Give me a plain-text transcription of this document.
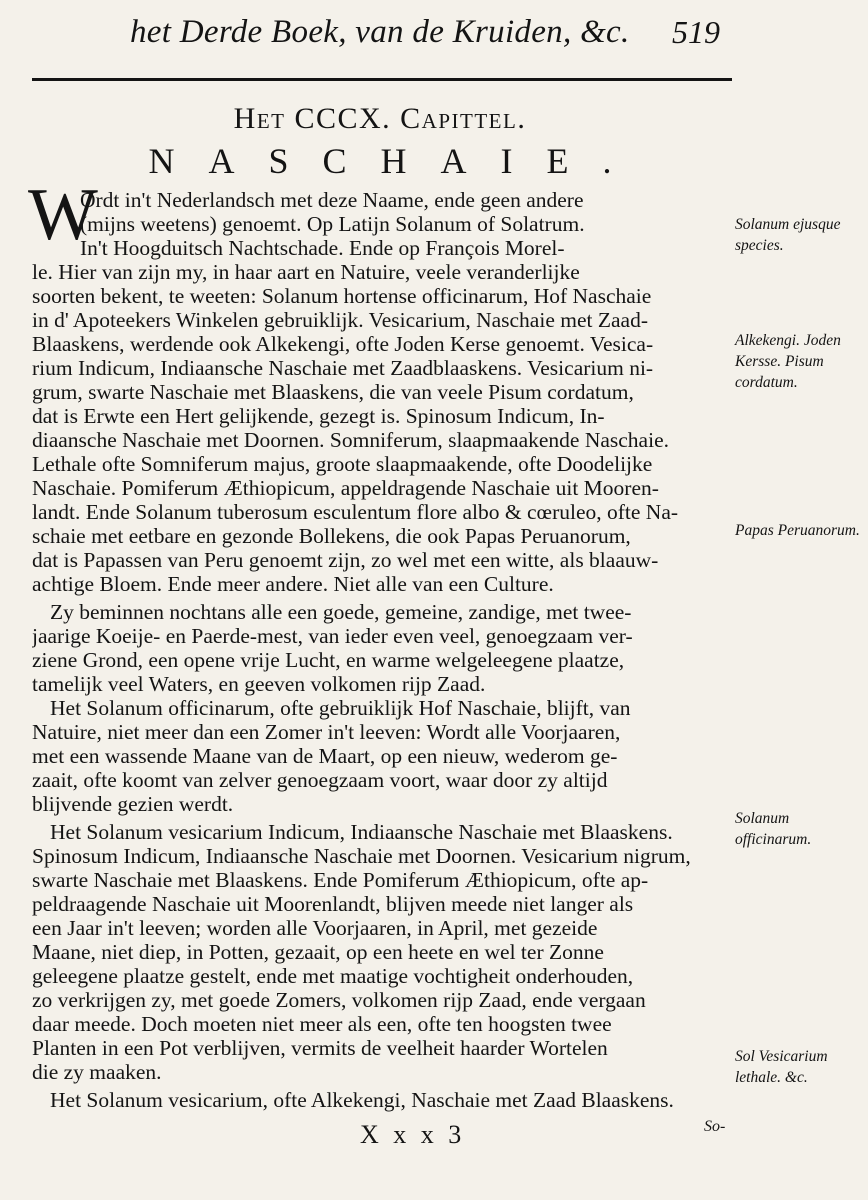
het Derde Boek, van de Kruiden, &c. 519
Het CCCX. Capittel.
NASCHAIE.
W
Ordt in't Nederlandsch met deze Naame, ende geen andere
(mijns weetens) genoemt. Op Latijn Solanum of Solatrum.
In't Hoogduitsch Nachtschade. Ende op François Morel-
le. Hier van zijn my, in haar aart en Natuire, veele veranderlijke
soorten bekent, te weeten: Solanum hortense officinarum, Hof Naschaie
in d' Apoteekers Winkelen gebruiklijk. Vesicarium, Naschaie met Zaad-
Blaaskens, werdende ook Alkekengi, ofte Joden Kerse genoemt. Vesica-
rium Indicum, Indiaansche Naschaie met Zaadblaaskens. Vesicarium ni-
grum, swarte Naschaie met Blaaskens, die van veele Pisum cordatum,
dat is Erwte een Hert gelijkende, gezegt is. Spinosum Indicum, In-
diaansche Naschaie met Doornen. Somniferum, slaapmaakende Naschaie.
Lethale ofte Somniferum majus, groote slaapmaakende, ofte Doodelijke
Naschaie. Pomiferum Æthiopicum, appeldragende Naschaie uit Mooren-
landt. Ende Solanum tuberosum esculentum flore albo & cœruleo, ofte Na-
schaie met eetbare en gezonde Bollekens, die ook Papas Peruanorum,
dat is Papassen van Peru genoemt zijn, zo wel met een witte, als blaauw-
achtige Bloem. Ende meer andere. Niet alle van een Culture.
Zy beminnen nochtans alle een goede, gemeine, zandige, met twee-
jaarige Koeije- en Paerde-mest, van ieder even veel, genoegzaam ver-
ziene Grond, een opene vrije Lucht, en warme welgeleegene plaatze,
tamelijk veel Waters, en geeven volkomen rijp Zaad.
Het Solanum officinarum, ofte gebruiklijk Hof Naschaie, blijft, van
Natuire, niet meer dan een Zomer in't leeven: Wordt alle Voorjaaren,
met een wassende Maane van de Maart, op een nieuw, wederom ge-
zaait, ofte koomt van zelver genoegzaam voort, waar door zy altijd
blijvende gezien werdt.
Het Solanum vesicarium Indicum, Indiaansche Naschaie met Blaaskens.
Spinosum Indicum, Indiaansche Naschaie met Doornen. Vesicarium nigrum,
swarte Naschaie met Blaaskens. Ende Pomiferum Æthiopicum, ofte ap-
peldraagende Naschaie uit Moorenlandt, blijven meede niet langer als
een Jaar in't leeven; worden alle Voorjaaren, in April, met gezeide
Maane, niet diep, in Potten, gezaait, op een heete en wel ter Zonne
geleegene plaatze gestelt, ende met maatige vochtigheit onderhouden,
zo verkrijgen zy, met goede Zomers, volkomen rijp Zaad, ende vergaan
daar meede. Doch moeten niet meer als een, ofte ten hoogsten twee
Planten in een Pot verblijven, vermits de veelheit haarder Wortelen
die zy maaken.
Het Solanum vesicarium, ofte Alkekengi, Naschaie met Zaad Blaaskens.
Solanum ejusque species.
Alkekengi. Joden Kersse. Pisum cordatum.
Papas Peruanorum.
Solanum officinarum.
Sol Vesicarium lethale. &c.
X x x 3	So-
